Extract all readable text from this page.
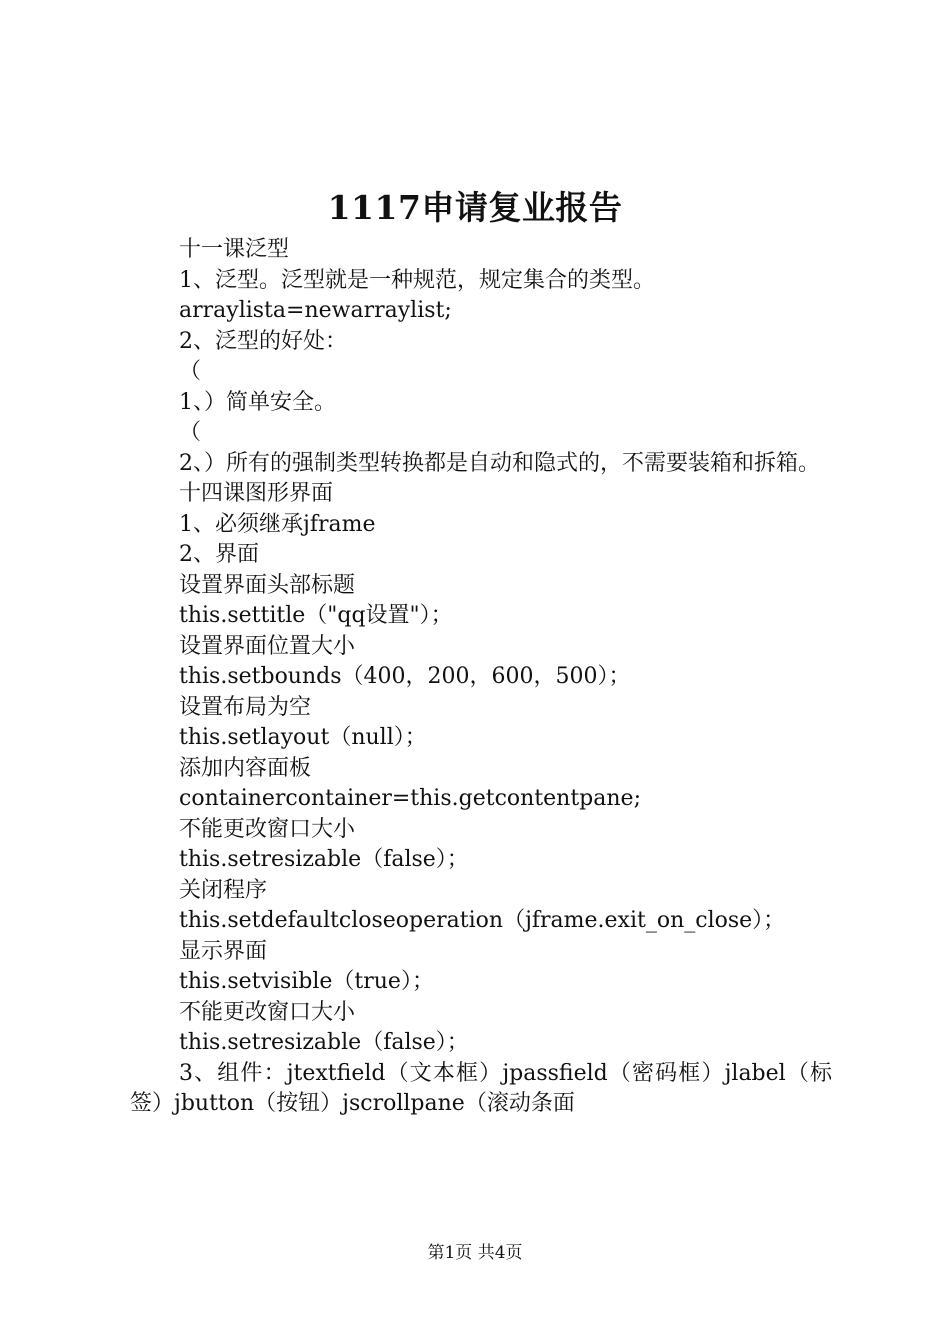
1117申请复业报告

十一课泛型

1、泛型。泛型就是一种规范，规定集合的类型。

arraylista=newarraylist;

2、泛型的好处：

（

1、）简单安全。

（

2、）所有的强制类型转换都是自动和隐式的，不需要装箱和拆箱。

十四课图形界面

1、必须继承jframe

2、界面

设置界面头部标题

this.settitle（"qq设置"）；

设置界面位置大小

this.setbounds（400，200，600，500）；

设置布局为空

this.setlayout（null）；

添加内容面板

containercontainer=this.getcontentpane;

不能更改窗口大小

this.setresizable（false）；

关闭程序

this.setdefaultcloseoperation（jframe.exit_on_close）；

显示界面

this.setvisible（true）；

不能更改窗口大小

this.setresizable（false）；

3、组件：jtextfield（文本框）jpassfield（密码框）jlabel（标签）jbutton（按钮）jscrollpane（滚动条面

第1页 共4页
